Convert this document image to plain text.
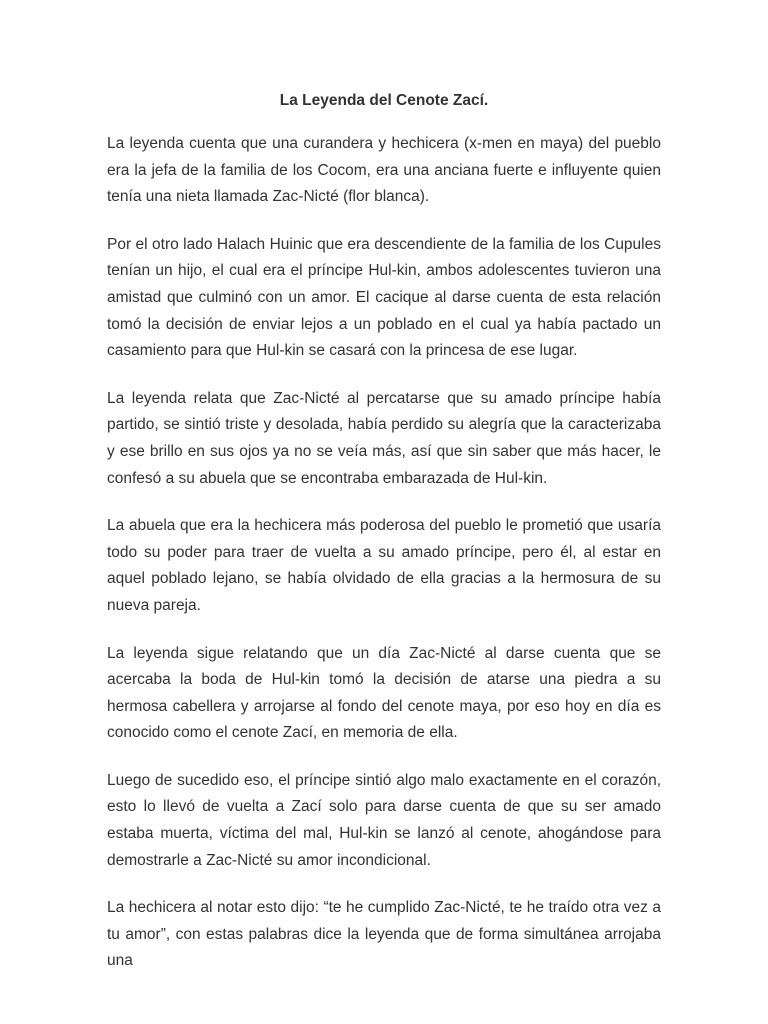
La Leyenda del Cenote Zací.

La leyenda cuenta que una curandera y hechicera (x-men en maya) del pueblo era la jefa de la familia de los Cocom, era una anciana fuerte e influyente quien tenía una nieta llamada Zac-Nicté (flor blanca).

Por el otro lado Halach Huinic que era descendiente de la familia de los Cupules tenían un hijo, el cual era el príncipe Hul-kin, ambos adolescentes tuvieron una amistad que culminó con un amor. El cacique al darse cuenta de esta relación tomó la decisión de enviar lejos a un poblado en el cual ya había pactado un casamiento para que Hul-kin se casará con la princesa de ese lugar.

La leyenda relata que Zac-Nicté al percatarse que su amado príncipe había partido, se sintió triste y desolada, había perdido su alegría que la caracterizaba y ese brillo en sus ojos ya no se veía más, así que sin saber que más hacer, le confesó a su abuela que se encontraba embarazada de Hul-kin.

La abuela que era la hechicera más poderosa del pueblo le prometió que usaría todo su poder para traer de vuelta a su amado príncipe, pero él, al estar en aquel poblado lejano, se había olvidado de ella gracias a la hermosura de su nueva pareja.

La leyenda sigue relatando que un día Zac-Nicté al darse cuenta que se acercaba la boda de Hul-kin tomó la decisión de atarse una piedra a su hermosa cabellera y arrojarse al fondo del cenote maya, por eso hoy en día es conocido como el cenote Zací, en memoria de ella.

Luego de sucedido eso, el príncipe sintió algo malo exactamente en el corazón, esto lo llevó de vuelta a Zací solo para darse cuenta de que su ser amado estaba muerta, víctima del mal, Hul-kin se lanzó al cenote, ahogándose para demostrarle a Zac-Nicté su amor incondicional.

La hechicera al notar esto dijo: “te he cumplido Zac-Nicté, te he traído otra vez a tu amor”, con estas palabras dice la leyenda que de forma simultánea arrojaba una
